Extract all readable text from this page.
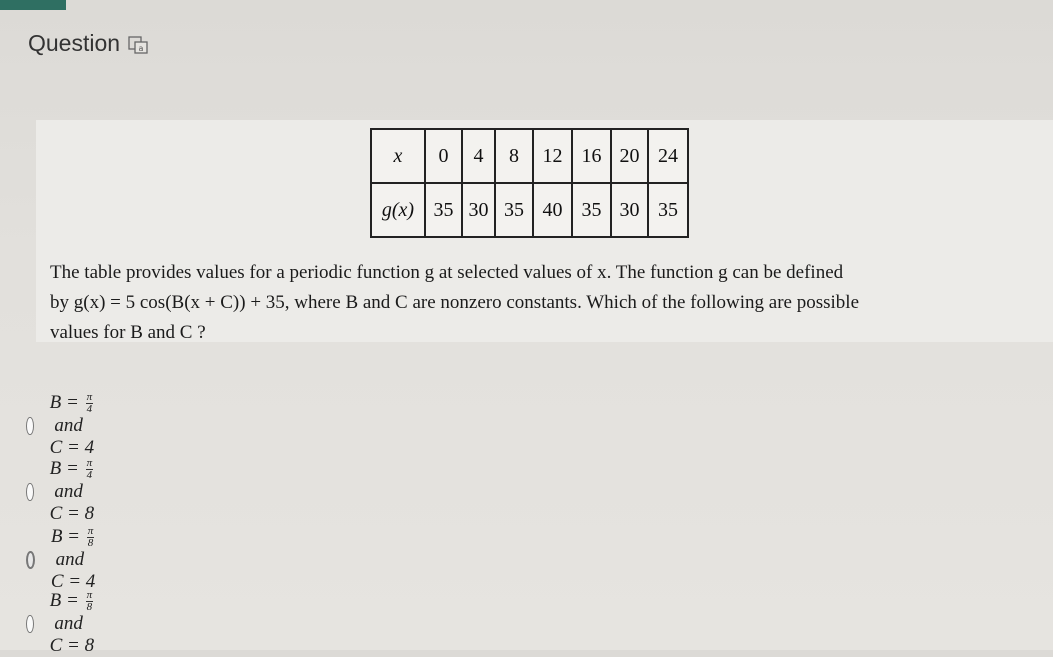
Question a
x	0	4	8	12	16	20	24
g(x)	35	30	35	40	35	30	35
The table provides values for a periodic function g at selected values of x. The function g can be defined
by g(x) = 5 cos(B(x + C)) + 35, where B and C are nonzero constants. Which of the following are possible
values for B and C ?
$B = \frac{\pi}{4}$
and  C = 4
$B = \frac{\pi}{4}$
and  C = 8
$B = \frac{\pi}{8}$
and  C = 4
$B = \frac{\pi}{8}$
and  C = 8
